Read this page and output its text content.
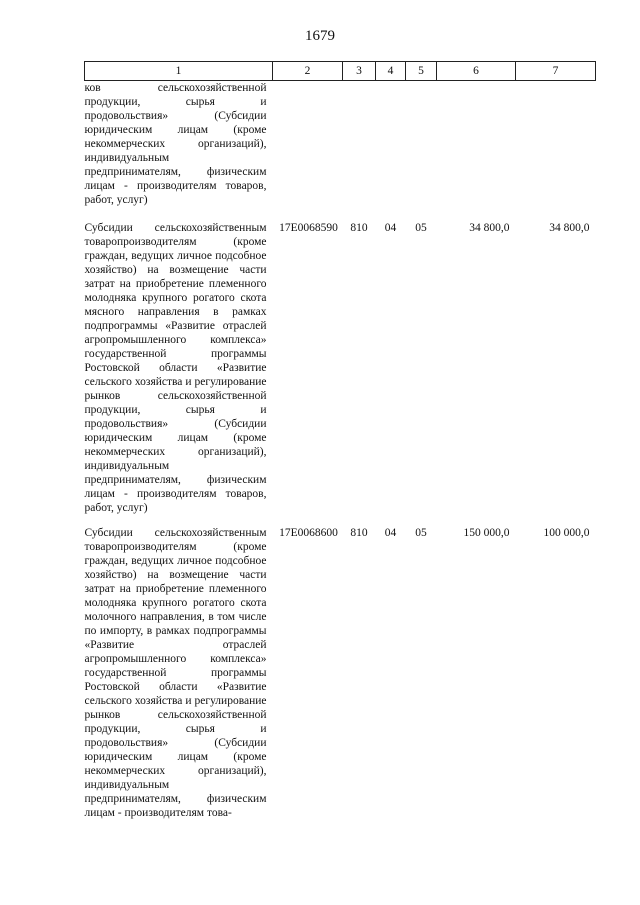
1679
1	2	3	4	5	6	7
ков сельскохозяйственной продукции, сырья и продовольствия» (Субсидии юридическим лицам (кроме некоммерческих организаций), индивидуальным предпринимателям, физическим лицам - производителям товаров, работ, услуг)						
Субсидии сельскохозяйственным товаропроизводителям (кроме граждан, ведущих личное подсобное хозяйство) на возмещение части затрат на приобретение племенного молодняка крупного рогатого скота мясного направления в рамках подпрограммы «Развитие отраслей агропромышленного комплекса» государственной программы Ростовской области «Развитие сельского хозяйства и регулирование рынков сельскохозяйственной продукции, сырья и продовольствия» (Субсидии юридическим лицам (кроме некоммерческих организаций), индивидуальным предпринимателям, физическим лицам - производителям товаров, работ, услуг)	17Е0068590	810	04	05	34 800,0	34 800,0
Субсидии сельскохозяйственным товаропроизводителям (кроме граждан, ведущих личное подсобное хозяйство) на возмещение части затрат на приобретение племенного молодняка крупного рогатого скота молочного направления, в том числе по импорту, в рамках подпрограммы «Развитие отраслей агропромышленного комплекса» государственной программы Ростовской области «Развитие сельского хозяйства и регулирование рынков сельскохозяйственной продукции, сырья и продовольствия» (Субсидии юридическим лицам (кроме некоммерческих организаций), индивидуальным предпринимателям, физическим лицам - производителям това-	17Е0068600	810	04	05	150 000,0	100 000,0
